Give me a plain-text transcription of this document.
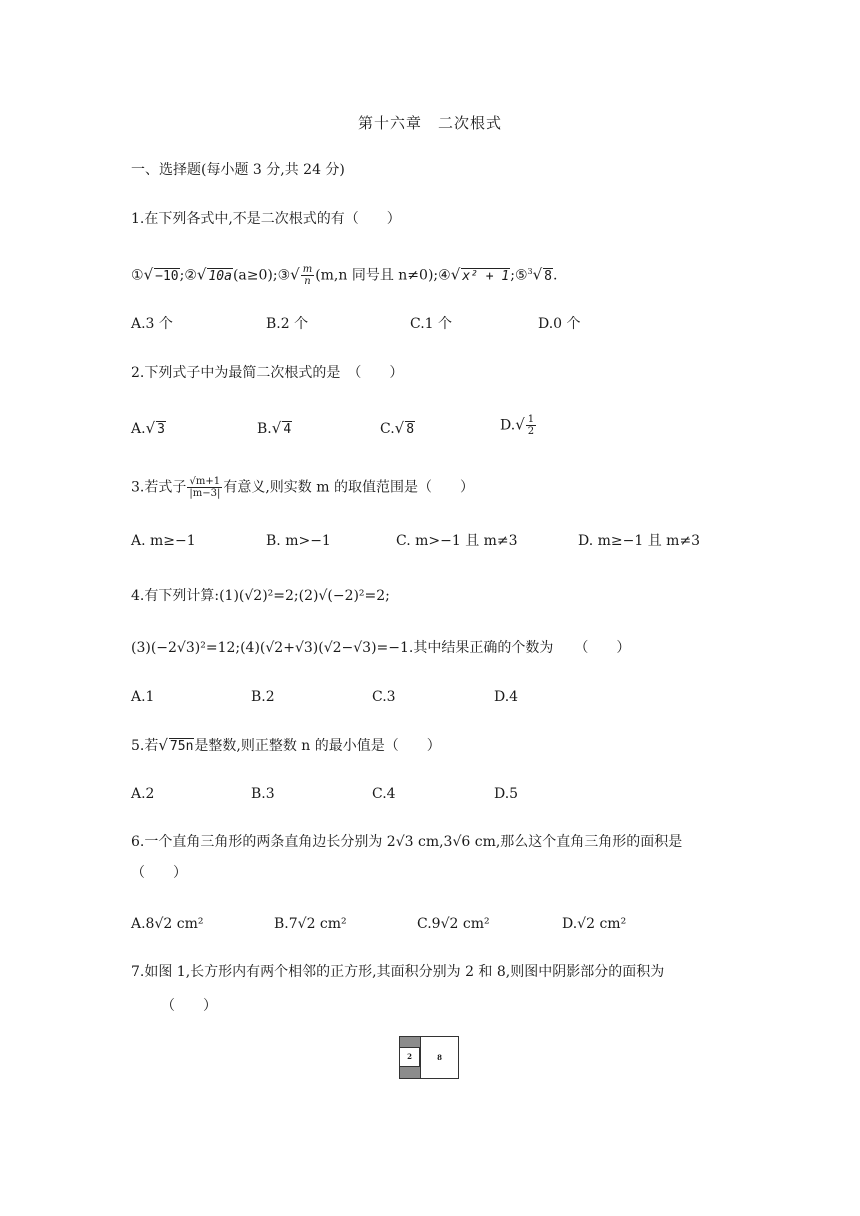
第十六章　二次根式
一、选择题(每小题 3 分,共 24 分)
1.在下列各式中,不是二次根式的有（　　）
①√ −10;②√ 10a(a≥0);③√ $\frac{m}{n} (m,n$ 同号且 n≠0);④√ x² + 1;⑤$^3$√ 8.
A.3 个	B.2 个	C.1 个	D.0 个
2.下列式子中为最简二次根式的是　（　　）
A.√ 3	B.√ 4	C.√ 8	$D.√ \frac{1}{2}$
3.若式子 $\frac{√m+1}{|m-3|}$ 有意义,则实数 m 的取值范围是（　　）
A. m≥−1	B. m>−1	C. m>−1 且 m≠3	D. m≥−1 且 m≠3
4.有下列计算:(1)(√2)²=2;(2)√(−2)²=2;
(3)(−2√3)²=12;(4)(√2+√3)(√2−√3)=−1.其中结果正确的个数为　　（　　）
A.1	B.2	C.3	D.4
5.若√ 75n是整数,则正整数 n 的最小值是（　　）
A.2	B.3	C.4	D.5
6.一个直角三角形的两条直角边长分别为 2√3 cm,3√6 cm,那么这个直角三角形的面积是
（　　）
A.8√2 cm²	B.7√2 cm²	C.9√2 cm²	D.√2 cm²
7.如图 1,长方形内有两个相邻的正方形,其面积分别为 2 和 8,则图中阴影部分的面积为
（　　）
2	8
